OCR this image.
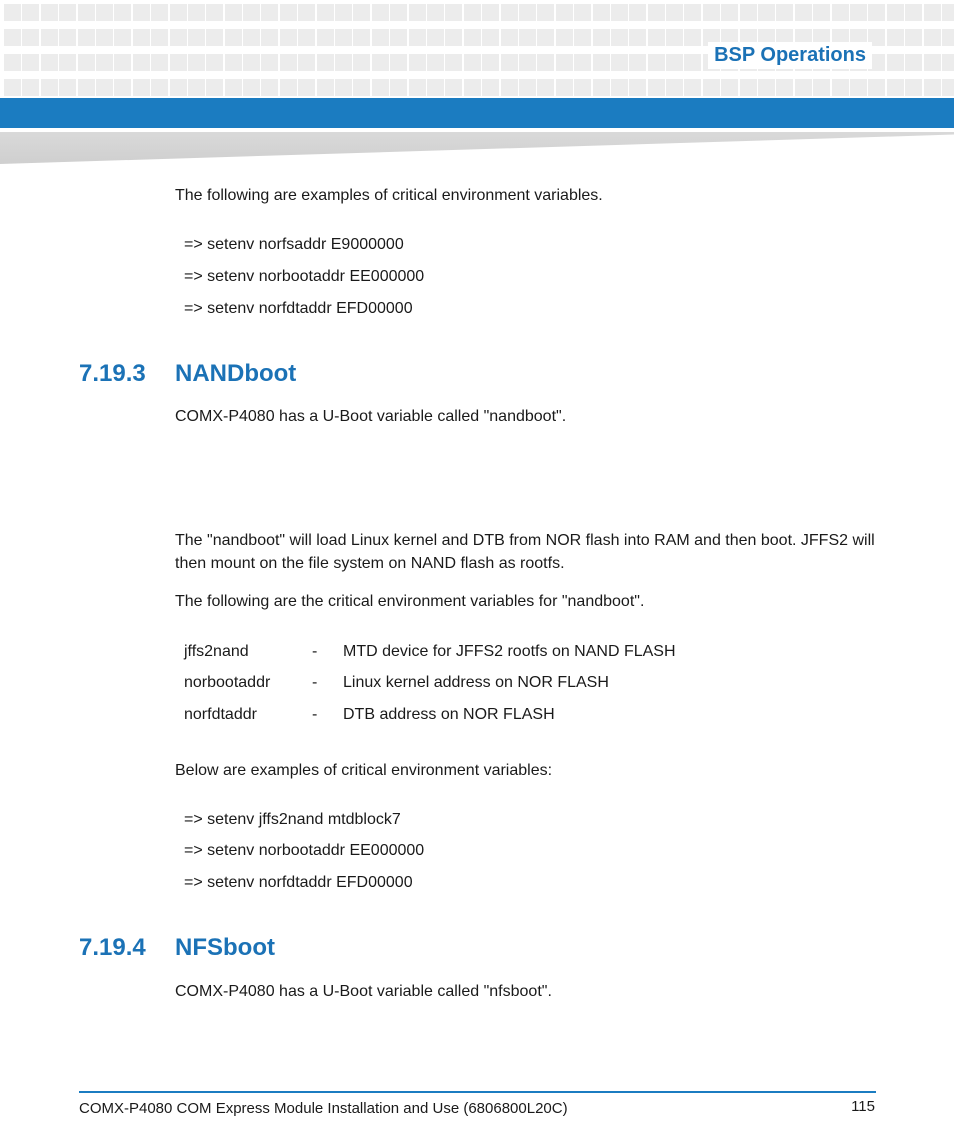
BSP Operations
The following are examples of critical environment variables.
=> setenv norfsaddr E9000000
=> setenv norbootaddr EE000000
=> setenv norfdtaddr EFD00000
7.19.3 NANDboot
COMX-P4080 has a U-Boot variable called "nandboot".
The "nandboot" will load Linux kernel and DTB from NOR flash into RAM and then boot. JFFS2 will then mount on the file system on NAND flash as rootfs.
The following are the critical environment variables for "nandboot".
jffs2nand	-	MTD device for JFFS2 rootfs on NAND FLASH
norbootaddr	-	Linux kernel address on NOR FLASH
norfdtaddr	-	DTB address on NOR FLASH
Below are examples of critical environment variables:
=> setenv jffs2nand mtdblock7
=> setenv norbootaddr EE000000
=> setenv norfdtaddr EFD00000
7.19.4 NFSboot
COMX-P4080 has a U-Boot variable called "nfsboot".
COMX-P4080 COM Express Module Installation and Use (6806800L20C)	115
